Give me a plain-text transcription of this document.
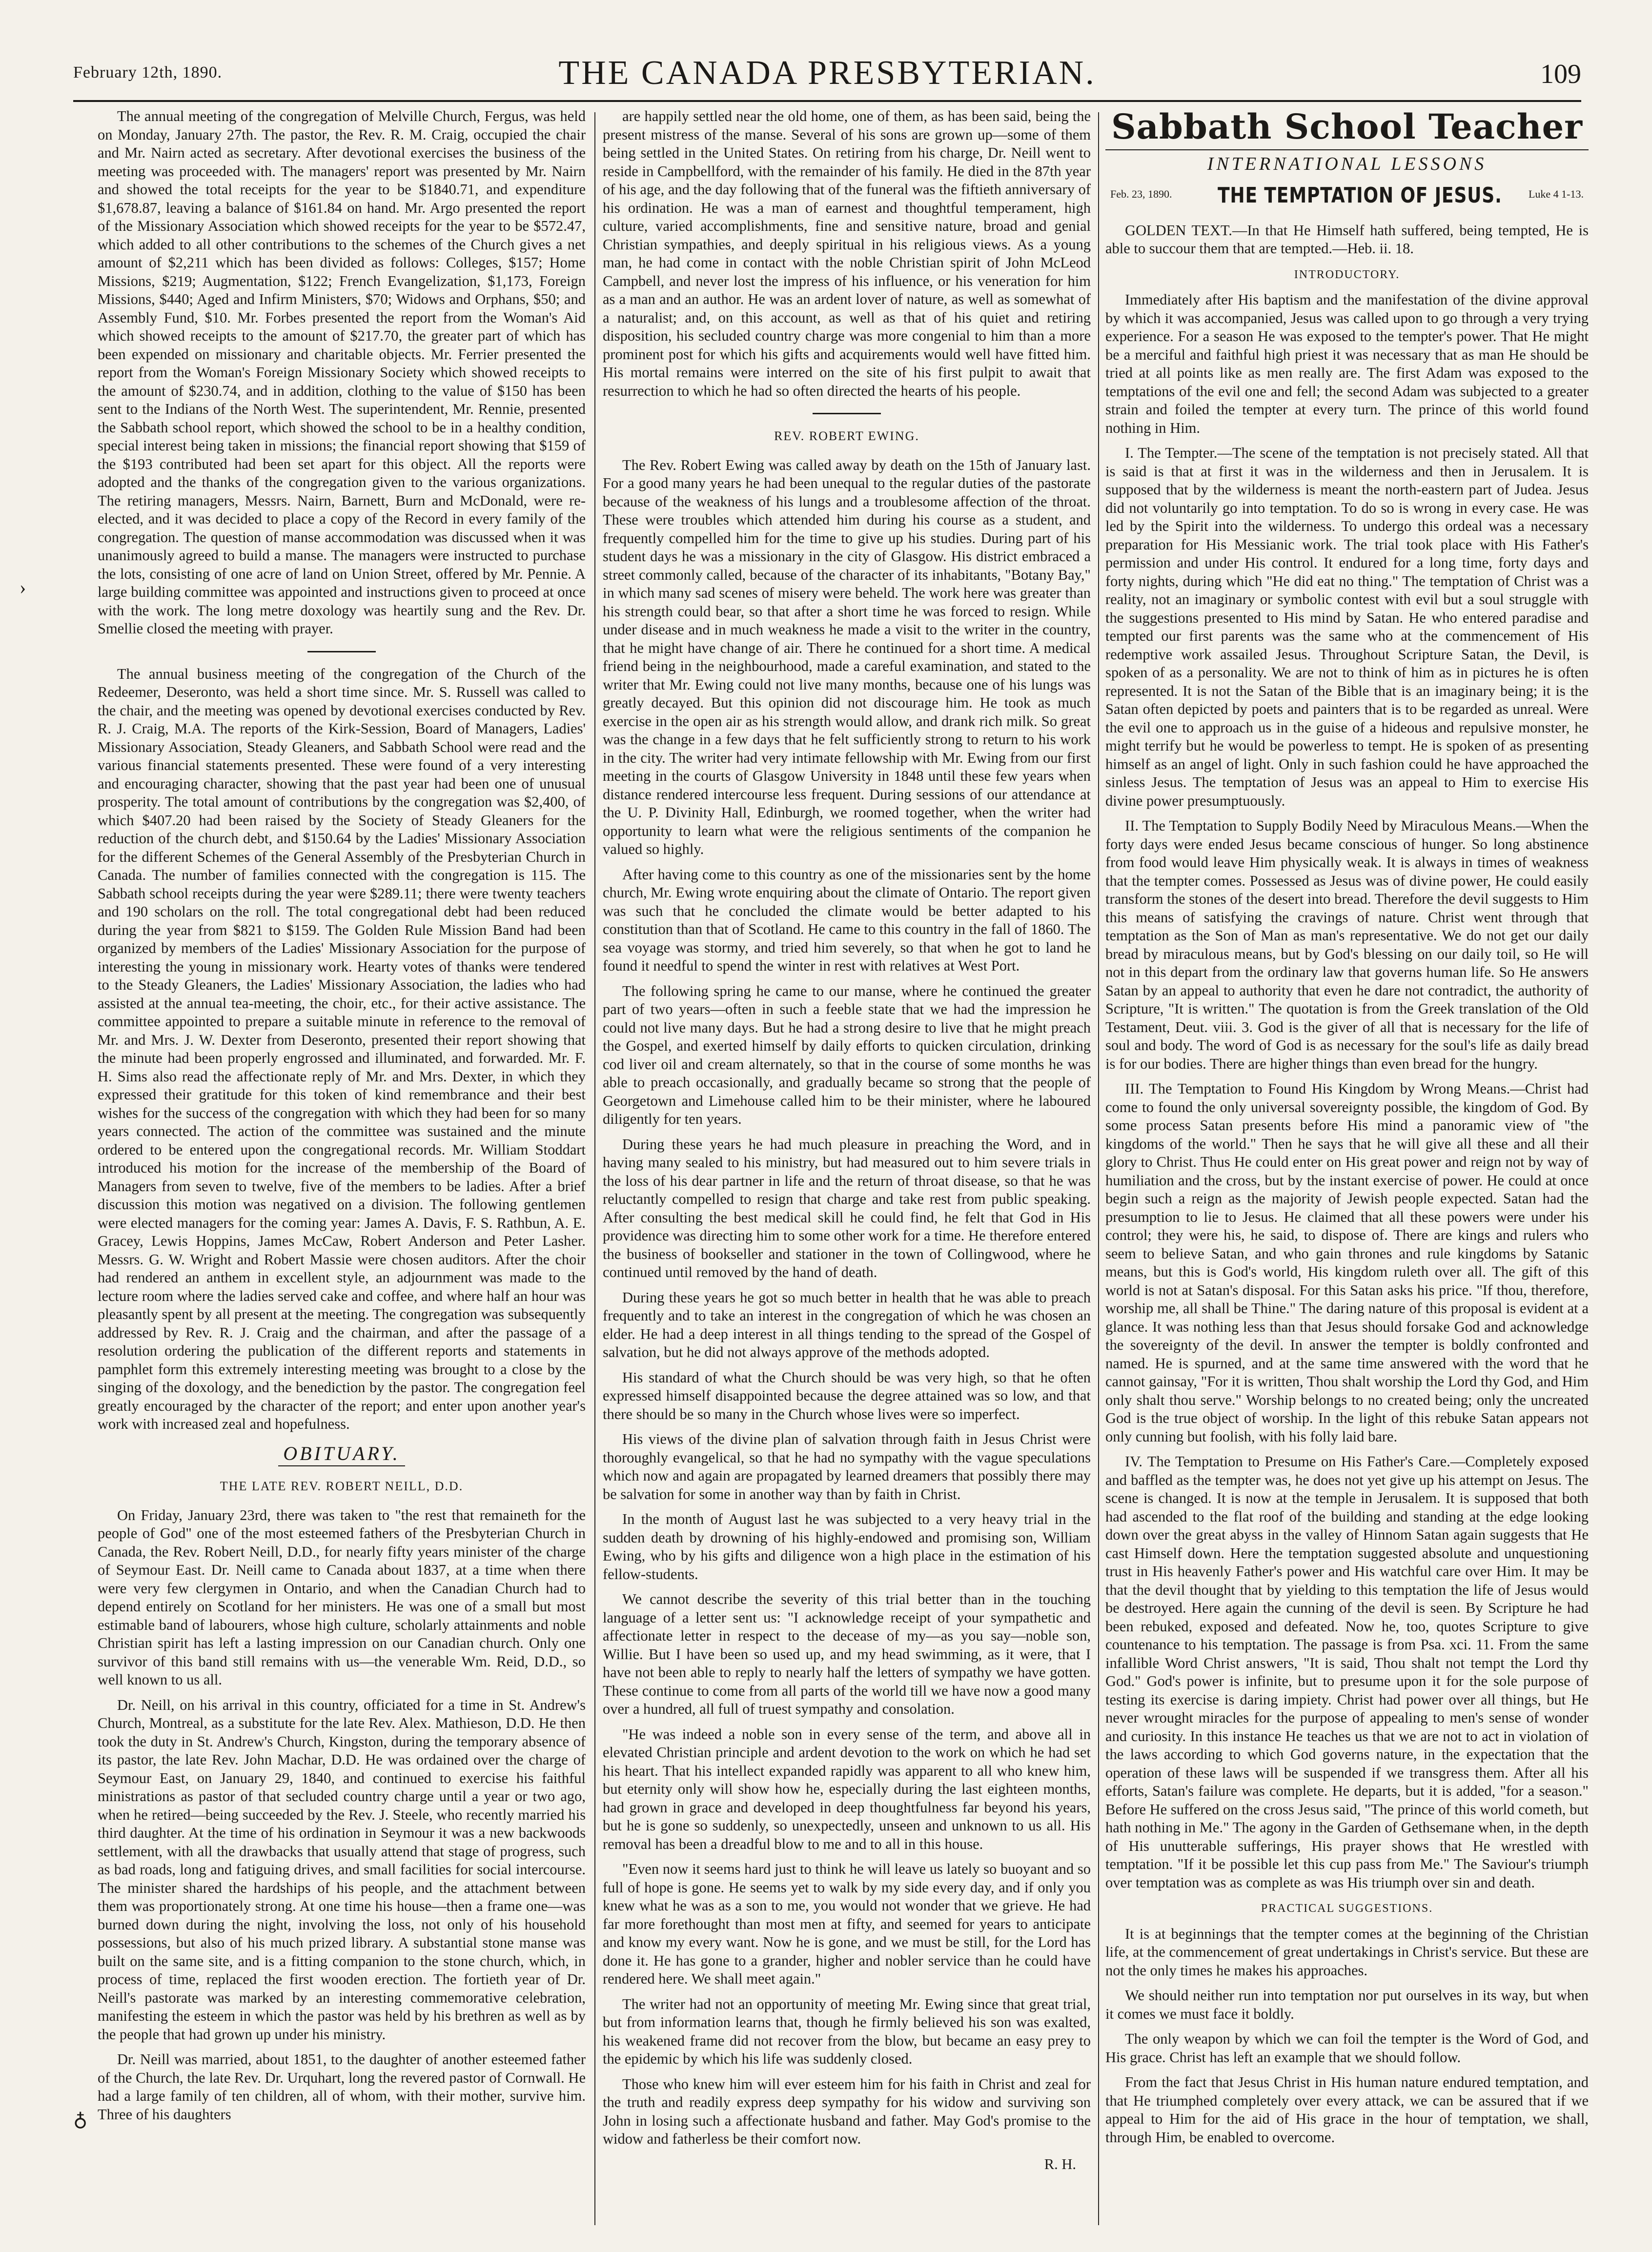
February 12th, 1890.	THE CANADA PRESBYTERIAN.	109
›
♁

The annual meeting of the congregation of Melville Church, Fergus, was held on Monday, January 27th. The pastor, the Rev. R. M. Craig, occupied the chair and Mr. Nairn acted as secretary. After devotional exercises the business of the meeting was proceeded with. The managers' report was presented by Mr. Nairn and showed the total receipts for the year to be $1840.71, and expenditure $1,678.87, leaving a balance of $161.84 on hand. Mr. Argo presented the report of the Missionary Association which showed receipts for the year to be $572.47, which added to all other contributions to the schemes of the Church gives a net amount of $2,211 which has been divided as follows: Colleges, $157; Home Missions, $219; Augmentation, $122; French Evangelization, $1,173, Foreign Missions, $440; Aged and Infirm Ministers, $70; Widows and Orphans, $50; and Assembly Fund, $10. Mr. Forbes presented the report from the Woman's Aid which showed receipts to the amount of $217.70, the greater part of which has been expended on missionary and charitable objects. Mr. Ferrier presented the report from the Woman's Foreign Missionary Society which showed receipts to the amount of $230.74, and in addition, clothing to the value of $150 has been sent to the Indians of the North West. The superintendent, Mr. Rennie, presented the Sabbath school report, which showed the school to be in a healthy condition, special interest being taken in missions; the financial report showing that $159 of the $193 contributed had been set apart for this object. All the reports were adopted and the thanks of the congregation given to the various organizations. The retiring managers, Messrs. Nairn, Barnett, Burn and McDonald, were re-elected, and it was decided to place a copy of the Record in every family of the congregation. The question of manse accommodation was discussed when it was unanimously agreed to build a manse. The managers were instructed to purchase the lots, consisting of one acre of land on Union Street, offered by Mr. Pennie. A large building committee was appointed and instructions given to proceed at once with the work. The long metre doxology was heartily sung and the Rev. Dr. Smellie closed the meeting with prayer.

The annual business meeting of the congregation of the Church of the Redeemer, Deseronto, was held a short time since. Mr. S. Russell was called to the chair, and the meeting was opened by devotional exercises conducted by Rev. R. J. Craig, M.A. The reports of the Kirk-Session, Board of Managers, Ladies' Missionary Association, Steady Gleaners, and Sabbath School were read and the various financial statements presented. These were found of a very interesting and encouraging character, showing that the past year had been one of unusual prosperity. The total amount of contributions by the congregation was $2,400, of which $407.20 had been raised by the Society of Steady Gleaners for the reduction of the church debt, and $150.64 by the Ladies' Missionary Association for the different Schemes of the General Assembly of the Presbyterian Church in Canada. The number of families connected with the congregation is 115. The Sabbath school receipts during the year were $289.11; there were twenty teachers and 190 scholars on the roll. The total congregational debt had been reduced during the year from $821 to $159. The Golden Rule Mission Band had been organized by members of the Ladies' Missionary Association for the purpose of interesting the young in missionary work. Hearty votes of thanks were tendered to the Steady Gleaners, the Ladies' Missionary Association, the ladies who had assisted at the annual tea-meeting, the choir, etc., for their active assistance. The committee appointed to prepare a suitable minute in reference to the removal of Mr. and Mrs. J. W. Dexter from Deseronto, presented their report showing that the minute had been properly engrossed and illuminated, and forwarded. Mr. F. H. Sims also read the affectionate reply of Mr. and Mrs. Dexter, in which they expressed their gratitude for this token of kind remembrance and their best wishes for the success of the congregation with which they had been for so many years connected. The action of the committee was sustained and the minute ordered to be entered upon the congregational records. Mr. William Stoddart introduced his motion for the increase of the membership of the Board of Managers from seven to twelve, five of the members to be ladies. After a brief discussion this motion was negatived on a division. The following gentlemen were elected managers for the coming year: James A. Davis, F. S. Rathbun, A. E. Gracey, Lewis Hoppins, James McCaw, Robert Anderson and Peter Lasher. Messrs. G. W. Wright and Robert Massie were chosen auditors. After the choir had rendered an anthem in excellent style, an adjournment was made to the lecture room where the ladies served cake and coffee, and where half an hour was pleasantly spent by all present at the meeting. The congregation was subsequently addressed by Rev. R. J. Craig and the chairman, and after the passage of a resolution ordering the publication of the different reports and statements in pamphlet form this extremely interesting meeting was brought to a close by the singing of the doxology, and the benediction by the pastor. The congregation feel greatly encouraged by the character of the report; and enter upon another year's work with increased zeal and hopefulness.

OBITUARY.
THE LATE REV. ROBERT NEILL, D.D.

On Friday, January 23rd, there was taken to "the rest that remaineth for the people of God" one of the most esteemed fathers of the Presbyterian Church in Canada, the Rev. Robert Neill, D.D., for nearly fifty years minister of the charge of Seymour East. Dr. Neill came to Canada about 1837, at a time when there were very few clergymen in Ontario, and when the Canadian Church had to depend entirely on Scotland for her ministers. He was one of a small but most estimable band of labourers, whose high culture, scholarly attainments and noble Christian spirit has left a lasting impression on our Canadian church. Only one survivor of this band still remains with us—the venerable Wm. Reid, D.D., so well known to us all.

Dr. Neill, on his arrival in this country, officiated for a time in St. Andrew's Church, Montreal, as a substitute for the late Rev. Alex. Mathieson, D.D. He then took the duty in St. Andrew's Church, Kingston, during the temporary absence of its pastor, the late Rev. John Machar, D.D. He was ordained over the charge of Seymour East, on January 29, 1840, and continued to exercise his faithful ministrations as pastor of that secluded country charge until a year or two ago, when he retired—being succeeded by the Rev. J. Steele, who recently married his third daughter. At the time of his ordination in Seymour it was a new backwoods settlement, with all the drawbacks that usually attend that stage of progress, such as bad roads, long and fatiguing drives, and small facilities for social intercourse. The minister shared the hardships of his people, and the attachment between them was proportionately strong. At one time his house—then a frame one—was burned down during the night, involving the loss, not only of his household possessions, but also of his much prized library. A substantial stone manse was built on the same site, and is a fitting companion to the stone church, which, in process of time, replaced the first wooden erection. The fortieth year of Dr. Neill's pastorate was marked by an interesting commemorative celebration, manifesting the esteem in which the pastor was held by his brethren as well as by the people that had grown up under his ministry.

Dr. Neill was married, about 1851, to the daughter of another esteemed father of the Church, the late Rev. Dr. Urquhart, long the revered pastor of Cornwall. He had a large family of ten children, all of whom, with their mother, survive him. Three of his daughters

are happily settled near the old home, one of them, as has been said, being the present mistress of the manse. Several of his sons are grown up—some of them being settled in the United States. On retiring from his charge, Dr. Neill went to reside in Campbellford, with the remainder of his family. He died in the 87th year of his age, and the day following that of the funeral was the fiftieth anniversary of his ordination. He was a man of earnest and thoughtful temperament, high culture, varied accomplishments, fine and sensitive nature, broad and genial Christian sympathies, and deeply spiritual in his religious views. As a young man, he had come in contact with the noble Christian spirit of John McLeod Campbell, and never lost the impress of his influence, or his veneration for him as a man and an author. He was an ardent lover of nature, as well as somewhat of a naturalist; and, on this account, as well as that of his quiet and retiring disposition, his secluded country charge was more congenial to him than a more prominent post for which his gifts and acquirements would well have fitted him. His mortal remains were interred on the site of his first pulpit to await that resurrection to which he had so often directed the hearts of his people.

REV. ROBERT EWING.

The Rev. Robert Ewing was called away by death on the 15th of January last. For a good many years he had been unequal to the regular duties of the pastorate because of the weakness of his lungs and a troublesome affection of the throat. These were troubles which attended him during his course as a student, and frequently compelled him for the time to give up his studies. During part of his student days he was a missionary in the city of Glasgow. His district embraced a street commonly called, because of the character of its inhabitants, "Botany Bay," in which many sad scenes of misery were beheld. The work here was greater than his strength could bear, so that after a short time he was forced to resign. While under disease and in much weakness he made a visit to the writer in the country, that he might have change of air. There he continued for a short time. A medical friend being in the neighbourhood, made a careful examination, and stated to the writer that Mr. Ewing could not live many months, because one of his lungs was greatly decayed. But this opinion did not discourage him. He took as much exercise in the open air as his strength would allow, and drank rich milk. So great was the change in a few days that he felt sufficiently strong to return to his work in the city. The writer had very intimate fellowship with Mr. Ewing from our first meeting in the courts of Glasgow University in 1848 until these few years when distance rendered intercourse less frequent. During sessions of our attendance at the U. P. Divinity Hall, Edinburgh, we roomed together, when the writer had opportunity to learn what were the religious sentiments of the companion he valued so highly.

After having come to this country as one of the missionaries sent by the home church, Mr. Ewing wrote enquiring about the climate of Ontario. The report given was such that he concluded the climate would be better adapted to his constitution than that of Scotland. He came to this country in the fall of 1860. The sea voyage was stormy, and tried him severely, so that when he got to land he found it needful to spend the winter in rest with relatives at West Port.

The following spring he came to our manse, where he continued the greater part of two years—often in such a feeble state that we had the impression he could not live many days. But he had a strong desire to live that he might preach the Gospel, and exerted himself by daily efforts to quicken circulation, drinking cod liver oil and cream alternately, so that in the course of some months he was able to preach occasionally, and gradually became so strong that the people of Georgetown and Limehouse called him to be their minister, where he laboured diligently for ten years.

During these years he had much pleasure in preaching the Word, and in having many sealed to his ministry, but had measured out to him severe trials in the loss of his dear partner in life and the return of throat disease, so that he was reluctantly compelled to resign that charge and take rest from public speaking. After consulting the best medical skill he could find, he felt that God in His providence was directing him to some other work for a time. He therefore entered the business of bookseller and stationer in the town of Collingwood, where he continued until removed by the hand of death.

During these years he got so much better in health that he was able to preach frequently and to take an interest in the congregation of which he was chosen an elder. He had a deep interest in all things tending to the spread of the Gospel of salvation, but he did not always approve of the methods adopted.

His standard of what the Church should be was very high, so that he often expressed himself disappointed because the degree attained was so low, and that there should be so many in the Church whose lives were so imperfect.

His views of the divine plan of salvation through faith in Jesus Christ were thoroughly evangelical, so that he had no sympathy with the vague speculations which now and again are propagated by learned dreamers that possibly there may be salvation for some in another way than by faith in Christ.

In the month of August last he was subjected to a very heavy trial in the sudden death by drowning of his highly-endowed and promising son, William Ewing, who by his gifts and diligence won a high place in the estimation of his fellow-students.

We cannot describe the severity of this trial better than in the touching language of a letter sent us: "I acknowledge receipt of your sympathetic and affectionate letter in respect to the decease of my—as you say—noble son, Willie. But I have been so used up, and my head swimming, as it were, that I have not been able to reply to nearly half the letters of sympathy we have gotten. These continue to come from all parts of the world till we have now a good many over a hundred, all full of truest sympathy and consolation.

"He was indeed a noble son in every sense of the term, and above all in elevated Christian principle and ardent devotion to the work on which he had set his heart. That his intellect expanded rapidly was apparent to all who knew him, but eternity only will show how he, especially during the last eighteen months, had grown in grace and developed in deep thoughtfulness far beyond his years, but he is gone so suddenly, so unexpectedly, unseen and unknown to us all. His removal has been a dreadful blow to me and to all in this house.

"Even now it seems hard just to think he will leave us lately so buoyant and so full of hope is gone. He seems yet to walk by my side every day, and if only you knew what he was as a son to me, you would not wonder that we grieve. He had far more forethought than most men at fifty, and seemed for years to anticipate and know my every want. Now he is gone, and we must be still, for the Lord has done it. He has gone to a grander, higher and nobler service than he could have rendered here. We shall meet again."

The writer had not an opportunity of meeting Mr. Ewing since that great trial, but from information learns that, though he firmly believed his son was exalted, his weakened frame did not recover from the blow, but became an easy prey to the epidemic by which his life was suddenly closed.

Those who knew him will ever esteem him for his faith in Christ and zeal for the truth and readily express deep sympathy for his widow and surviving son John in losing such a affectionate husband and father. May God's promise to the widow and fatherless be their comfort now.

R. H.
Sabbath School Teacher
INTERNATIONAL LESSONS
Feb. 23, 1890. THE TEMPTATION OF JESUS. Luke 4 1-13.

GOLDEN TEXT.—In that He Himself hath suffered, being tempted, He is able to succour them that are tempted.—Heb. ii. 18.

INTRODUCTORY.

Immediately after His baptism and the manifestation of the divine approval by which it was accompanied, Jesus was called upon to go through a very trying experience. For a season He was exposed to the tempter's power. That He might be a merciful and faithful high priest it was necessary that as man He should be tried at all points like as men really are. The first Adam was exposed to the temptations of the evil one and fell; the second Adam was subjected to a greater strain and foiled the tempter at every turn. The prince of this world found nothing in Him.

I. The Tempter.—The scene of the temptation is not precisely stated. All that is said is that at first it was in the wilderness and then in Jerusalem. It is supposed that by the wilderness is meant the north-eastern part of Judea. Jesus did not voluntarily go into temptation. To do so is wrong in every case. He was led by the Spirit into the wilderness. To undergo this ordeal was a necessary preparation for His Messianic work. The trial took place with His Father's permission and under His control. It endured for a long time, forty days and forty nights, during which "He did eat no thing." The temptation of Christ was a reality, not an imaginary or symbolic contest with evil but a soul struggle with the suggestions presented to His mind by Satan. He who entered paradise and tempted our first parents was the same who at the commencement of His redemptive work assailed Jesus. Throughout Scripture Satan, the Devil, is spoken of as a personality. We are not to think of him as in pictures he is often represented. It is not the Satan of the Bible that is an imaginary being; it is the Satan often depicted by poets and painters that is to be regarded as unreal. Were the evil one to approach us in the guise of a hideous and repulsive monster, he might terrify but he would be powerless to tempt. He is spoken of as presenting himself as an angel of light. Only in such fashion could he have approached the sinless Jesus. The temptation of Jesus was an appeal to Him to exercise His divine power presumptuously.

II. The Temptation to Supply Bodily Need by Miraculous Means.—When the forty days were ended Jesus became conscious of hunger. So long abstinence from food would leave Him physically weak. It is always in times of weakness that the tempter comes. Possessed as Jesus was of divine power, He could easily transform the stones of the desert into bread. Therefore the devil suggests to Him this means of satisfying the cravings of nature. Christ went through that temptation as the Son of Man as man's representative. We do not get our daily bread by miraculous means, but by God's blessing on our daily toil, so He will not in this depart from the ordinary law that governs human life. So He answers Satan by an appeal to authority that even he dare not contradict, the authority of Scripture, "It is written." The quotation is from the Greek translation of the Old Testament, Deut. viii. 3. God is the giver of all that is necessary for the life of soul and body. The word of God is as necessary for the soul's life as daily bread is for our bodies. There are higher things than even bread for the hungry.

III. The Temptation to Found His Kingdom by Wrong Means.—Christ had come to found the only universal sovereignty possible, the kingdom of God. By some process Satan presents before His mind a panoramic view of "the kingdoms of the world." Then he says that he will give all these and all their glory to Christ. Thus He could enter on His great power and reign not by way of humiliation and the cross, but by the instant exercise of power. He could at once begin such a reign as the majority of Jewish people expected. Satan had the presumption to lie to Jesus. He claimed that all these powers were under his control; they were his, he said, to dispose of. There are kings and rulers who seem to believe Satan, and who gain thrones and rule kingdoms by Satanic means, but this is God's world, His kingdom ruleth over all. The gift of this world is not at Satan's disposal. For this Satan asks his price. "If thou, therefore, worship me, all shall be Thine." The daring nature of this proposal is evident at a glance. It was nothing less than that Jesus should forsake God and acknowledge the sovereignty of the devil. In answer the tempter is boldly confronted and named. He is spurned, and at the same time answered with the word that he cannot gainsay, "For it is written, Thou shalt worship the Lord thy God, and Him only shalt thou serve." Worship belongs to no created being; only the uncreated God is the true object of worship. In the light of this rebuke Satan appears not only cunning but foolish, with his folly laid bare.

IV. The Temptation to Presume on His Father's Care.—Completely exposed and baffled as the tempter was, he does not yet give up his attempt on Jesus. The scene is changed. It is now at the temple in Jerusalem. It is supposed that both had ascended to the flat roof of the building and standing at the edge looking down over the great abyss in the valley of Hinnom Satan again suggests that He cast Himself down. Here the temptation suggested absolute and unquestioning trust in His heavenly Father's power and His watchful care over Him. It may be that the devil thought that by yielding to this temptation the life of Jesus would be destroyed. Here again the cunning of the devil is seen. By Scripture he had been rebuked, exposed and defeated. Now he, too, quotes Scripture to give countenance to his temptation. The passage is from Psa. xci. 11. From the same infallible Word Christ answers, "It is said, Thou shalt not tempt the Lord thy God." God's power is infinite, but to presume upon it for the sole purpose of testing its exercise is daring impiety. Christ had power over all things, but He never wrought miracles for the purpose of appealing to men's sense of wonder and curiosity. In this instance He teaches us that we are not to act in violation of the laws according to which God governs nature, in the expectation that the operation of these laws will be suspended if we transgress them. After all his efforts, Satan's failure was complete. He departs, but it is added, "for a season." Before He suffered on the cross Jesus said, "The prince of this world cometh, but hath nothing in Me." The agony in the Garden of Gethsemane when, in the depth of His unutterable sufferings, His prayer shows that He wrestled with temptation. "If it be possible let this cup pass from Me." The Saviour's triumph over temptation was as complete as was His triumph over sin and death.

PRACTICAL SUGGESTIONS.

It is at beginnings that the tempter comes at the beginning of the Christian life, at the commencement of great undertakings in Christ's service. But these are not the only times he makes his approaches.

We should neither run into temptation nor put ourselves in its way, but when it comes we must face it boldly.

The only weapon by which we can foil the tempter is the Word of God, and His grace. Christ has left an example that we should follow.

From the fact that Jesus Christ in His human nature endured temptation, and that He triumphed completely over every attack, we can be assured that if we appeal to Him for the aid of His grace in the hour of temptation, we shall, through Him, be enabled to overcome.
